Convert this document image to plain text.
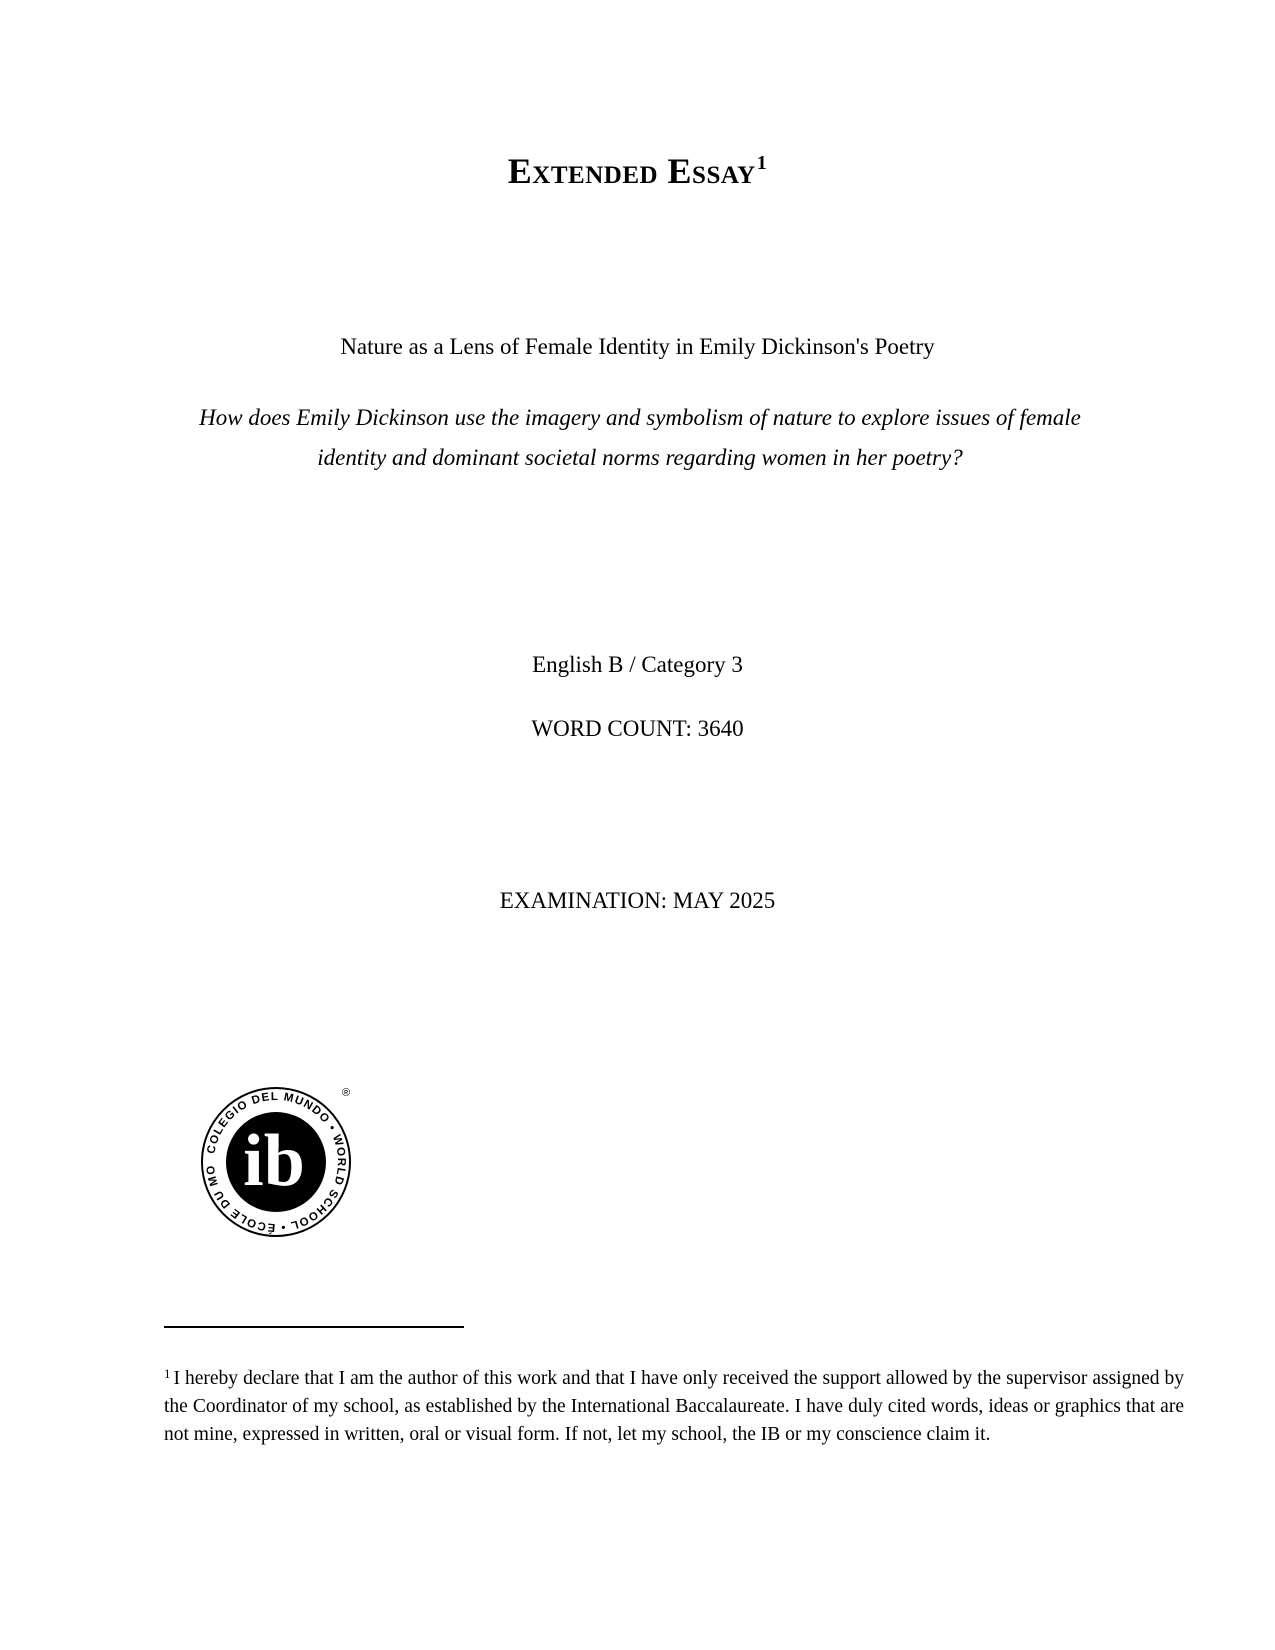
Extended Essay$^1$
Nature as a Lens of Female Identity in Emily Dickinson's Poetry
How does Emily Dickinson use the imagery and symbolism of nature to explore issues of female identity and dominant societal norms regarding women in her poetry?
English B / Category 3
WORD COUNT: 3640
EXAMINATION: MAY 2025
COLEGIO DEL MUNDO • WORLD SCHOOL • ÉCOLE DU MO ib
®
$^1$ I hereby declare that I am the author of this work and that I have only received the support allowed by the supervisor assigned by the Coordinator of my school, as established by the International Baccalaureate. I have duly cited words, ideas or graphics that are not mine, expressed in written, oral or visual form. If not, let my school, the IB or my conscience claim it.
